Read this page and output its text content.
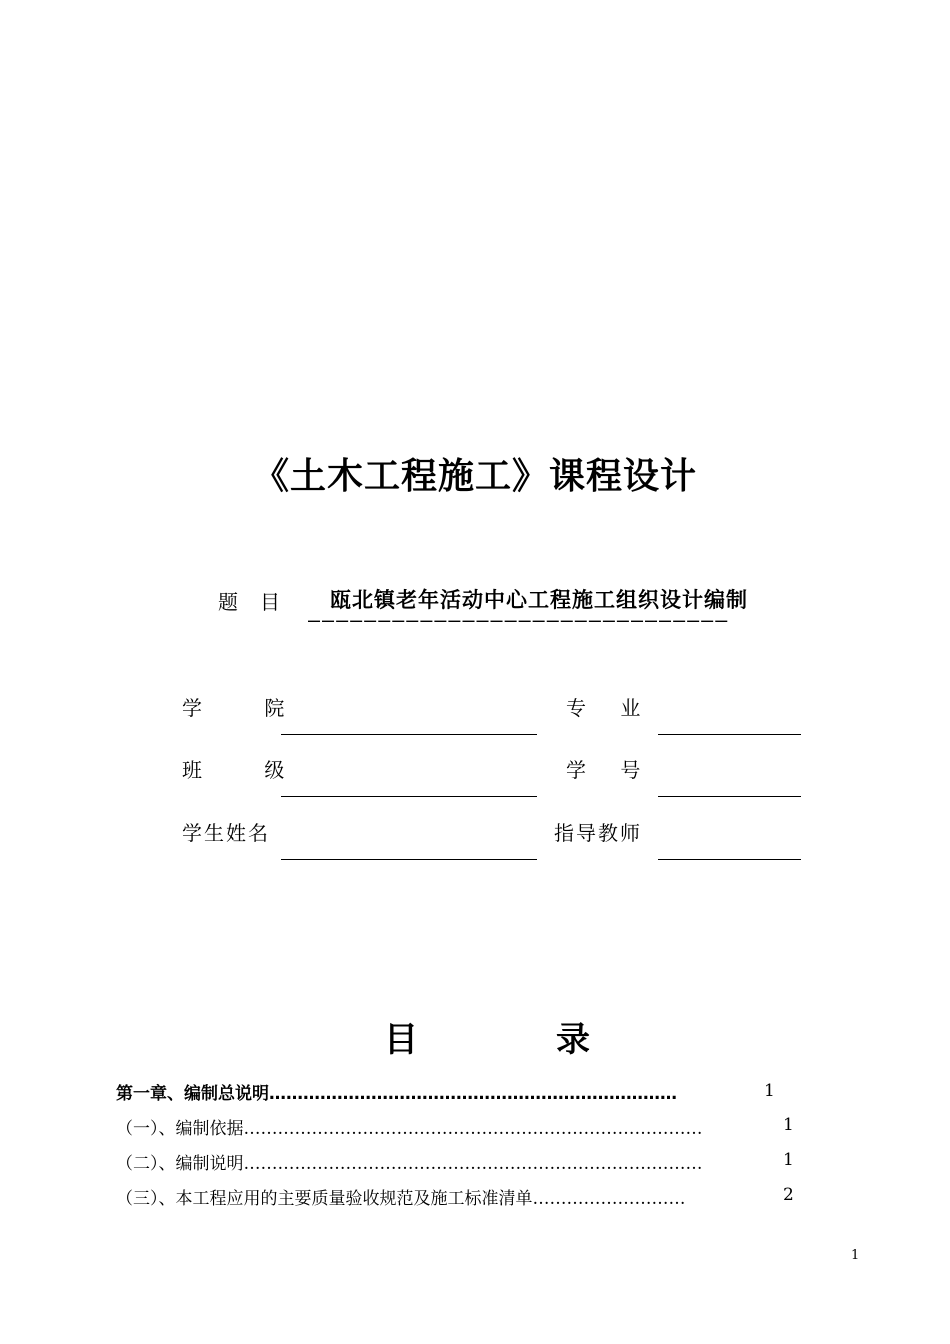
《土木工程施工》课程设计
题目 瓯北镇老年活动中心工程施工组织设计编制
——————————————————————————————
学 院	专 业
班 级	学 号
学生姓名	指导教师
目	录
第一章、编制总说明………………………………………………………………	1
（一）、编制依据………………………………………………………………………	1
（二）、编制说明………………………………………………………………………	1
（三）、本工程应用的主要质量验收规范及施工标准清单………………………	2
1
